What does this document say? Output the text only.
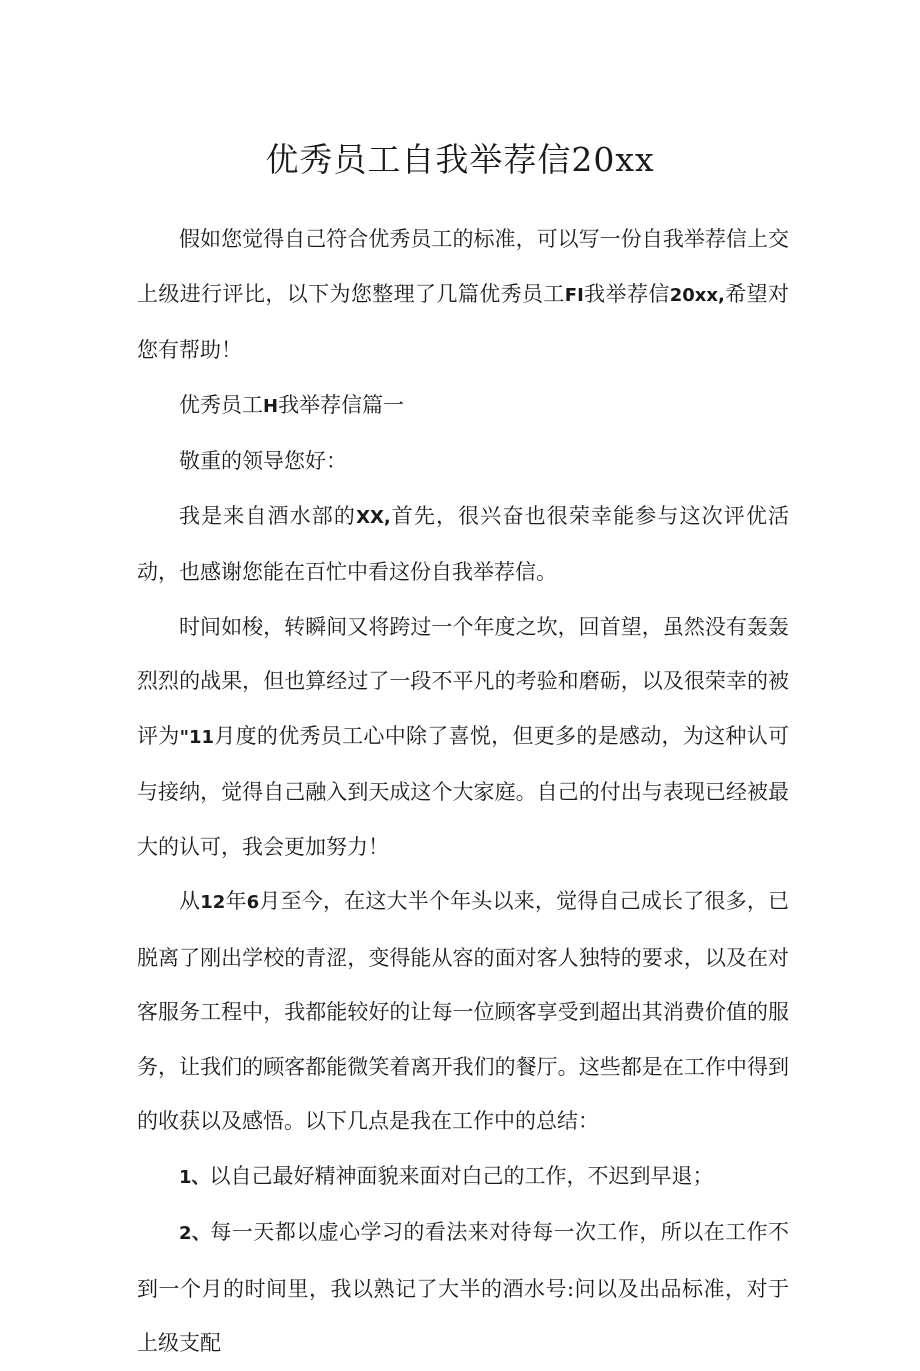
优秀员工自我举荐信20xx

假如您觉得自己符合优秀员工的标准，可以写一份自我举荐信上交上级进行评比，以下为您整理了几篇优秀员工FI我举荐信20xx,希望对您有帮助！

优秀员工H我举荐信篇一

敬重的领导您好：

我是来自酒水部的XX,首先，很兴奋也很荣幸能参与这次评优活动，也感谢您能在百忙中看这份自我举荐信。

时间如梭，转瞬间又将跨过一个年度之坎，回首望，虽然没有轰轰烈烈的战果，但也算经过了一段不平凡的考验和磨砺，以及很荣幸的被评为"11月度的优秀员工心中除了喜悦，但更多的是感动，为这种认可与接纳，觉得自己融入到天成这个大家庭。自己的付出与表现已经被最大的认可，我会更加努力！

从12年6月至今，在这大半个年头以来，觉得自己成长了很多，已脱离了刚出学校的青涩，变得能从容的面对客人独特的要求，以及在对客服务工程中，我都能较好的让每一位顾客享受到超出其消费价值的服务，让我们的顾客都能微笑着离开我们的餐厅。这些都是在工作中得到的收获以及感悟。以下几点是我在工作中的总结：

1、以自己最好精神面貌来面对白己的工作，不迟到早退；

2、每一天都以虚心学习的看法来对待每一次工作，所以在工作不到一个月的时间里，我以熟记了大半的酒水号:问以及出品标准，对于上级支配
